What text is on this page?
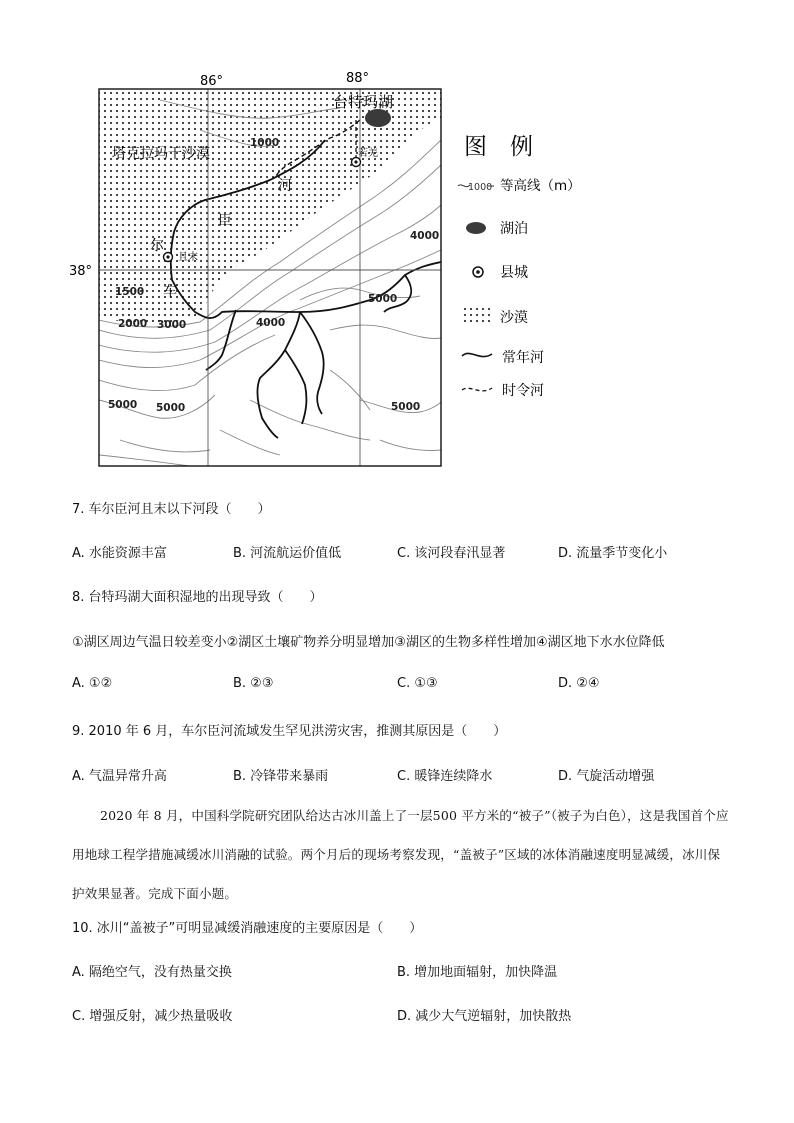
86°	88°
38°
台特玛湖
塔克拉玛干沙漠	若羌
且末
河
臣
尔
车
1000
4000
5000
1500
2000 3000	4000
5000 5000	5000
图　例
1000 等高线（m）
湖泊
县城
沙漠
常年河
时令河
7. 车尔臣河且末以下河段（　　）
A. 水能资源丰富	B. 河流航运价值低	C. 该河段春汛显著	D. 流量季节变化小
8. 台特玛湖大面积湿地的出现导致（　　）
①湖区周边气温日较差变小②湖区土壤矿物养分明显增加③湖区的生物多样性增加④湖区地下水水位降低
A. ①②	B. ②③	C. ①③	D. ②④
9. 2010 年 6 月，车尔臣河流域发生罕见洪涝灾害，推测其原因是（　　）
A. 气温异常升高	B. 冷锋带来暴雨	C. 暖锋连续降水	D. 气旋活动增强
2020 年 8 月，中国科学院研究团队给达古冰川盖上了一层500 平方米的“被子”（被子为白色），这是我国首个应用地球工程学措施减缓冰川消融的试验。两个月后的现场考察发现，“盖被子”区域的冰体消融速度明显减缓，冰川保护效果显著。完成下面小题。
10. 冰川“盖被子”可明显减缓消融速度的主要原因是（　　）
A. 隔绝空气，没有热量交换	B. 增加地面辐射，加快降温
C. 增强反射，减少热量吸收	D. 减少大气逆辐射，加快散热
